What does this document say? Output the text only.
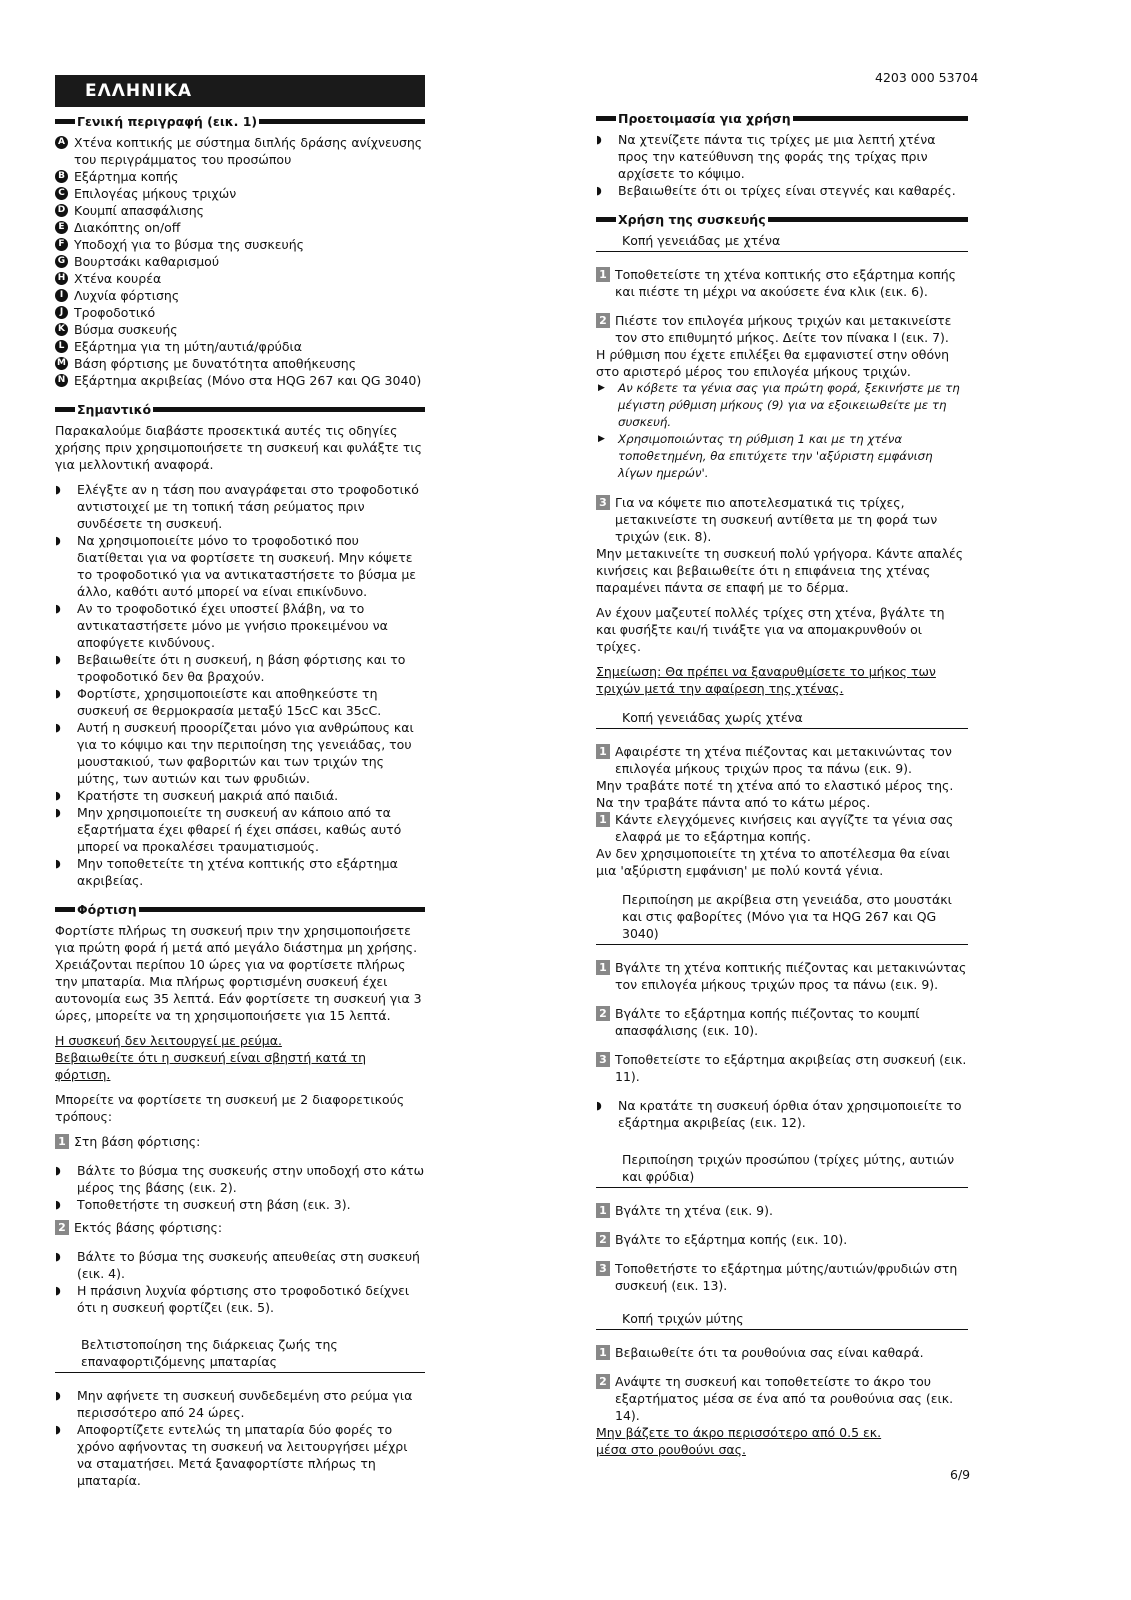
4203 000 53704
6/9
ΕΛΛΗΝΙΚΑ
Γενική περιγραφή (εικ. 1)
A Χτένα κοπτικής με σύστημα διπλής δράσης ανίχνευσης του περιγράμματος του προσώπου
B Εξάρτημα κοπής
C Επιλογέας μήκους τριχών
D Κουμπί απασφάλισης
E Διακόπτης on/off
F Υποδοχή για το βύσμα της συσκευής
G Βουρτσάκι καθαρισμού
H Χτένα κουρέα
I Λυχνία φόρτισης
J Τροφοδοτικό
K Βύσμα συσκευής
L Εξάρτημα για τη μύτη/αυτιά/φρύδια
M Βάση φόρτισης με δυνατότητα αποθήκευσης
N Εξάρτημα ακριβείας (Μόνο στα HQG 267 και QG 3040)
Σημαντικό

Παρακαλούμε διαβάστε προσεκτικά αυτές τις οδηγίες χρήσης πριν χρησιμοποιήσετε τη συσκευή και φυλάξτε τις για μελλοντική αναφορά.

◗	Ελέγξτε αν η τάση που αναγράφεται στο τροφοδοτικό αντιστοιχεί με τη τοπική τάση ρεύματος πριν συνδέσετε τη συσκευή.
◗	Να χρησιμοποιείτε μόνο το τροφοδοτικό που διατίθεται για να φορτίσετε τη συσκευή. Μην κόψετε το τροφοδοτικό για να αντικαταστήσετε το βύσμα με άλλο, καθότι αυτό μπορεί να είναι επικίνδυνο.
◗	Αν το τροφοδοτικό έχει υποστεί βλάβη, να το αντικαταστήσετε μόνο με γνήσιο προκειμένου να αποφύγετε κινδύνους.
◗	Βεβαιωθείτε ότι η συσκευή, η βάση φόρτισης και το τροφοδοτικό δεν θα βραχούν.
◗	Φορτίστε, χρησιμοποιείστε και αποθηκεύστε τη συσκευή σε θερμοκρασία μεταξύ 15cC και 35cC.
◗	Αυτή η συσκευή προορίζεται μόνο για ανθρώπους και για το κόψιμο και την περιποίηση της γενειάδας, του μουστακιού, των φαβοριτών και των τριχών της μύτης, των αυτιών και των φρυδιών.
◗	Κρατήστε τη συσκευή μακριά από παιδιά.
◗	Μην χρησιμοποιείτε τη συσκευή αν κάποιο από τα εξαρτήματα έχει φθαρεί ή έχει σπάσει, καθώς αυτό μπορεί να προκαλέσει τραυματισμούς.
◗	Μην τοποθετείτε τη χτένα κοπτικής στο εξάρτημα ακριβείας.
Φόρτιση
Φορτίστε πλήρως τη συσκευή πριν την χρησιμοποιήσετε για πρώτη φορά ή μετά από μεγάλο διάστημα μη χρήσης.

Χρειάζονται περίπου 10 ώρες για να φορτίσετε πλήρως την μπαταρία. Μια πλήρως φορτισμένη συσκευή έχει αυτονομία εως 35 λεπτά. Εάν φορτίσετε τη συσκευή για 3 ώρες, μπορείτε να τη χρησιμοποιήσετε για 15 λεπτά.

Η συσκευή δεν λειτουργεί με ρεύμα.

Βεβαιωθείτε ότι η συσκευή είναι σβηστή κατά τη φόρτιση.

Μπορείτε να φορτίσετε τη συσκευή με 2 διαφορετικούς τρόπους:

1 Στη βάση φόρτισης:
◗	Βάλτε το βύσμα της συσκευής στην υποδοχή στο κάτω μέρος της βάσης (εικ. 2).
◗	Τοποθετήστε τη συσκευή στη βάση (εικ. 3).
2 Εκτός βάσης φόρτισης:
◗	Βάλτε το βύσμα της συσκευής απευθείας στη συσκευή (εικ. 4).
◗	Η πράσινη λυχνία φόρτισης στο τροφοδοτικό δείχνει ότι η συσκευή φορτίζει (εικ. 5).
Βελτιστοποίηση της διάρκειας ζωής της επαναφορτιζόμενης μπαταρίας
◗	Μην αφήνετε τη συσκευή συνδεδεμένη στο ρεύμα για περισσότερο από 24 ώρες.
◗	Αποφορτίζετε εντελώς τη μπαταρία δύο φορές το χρόνο αφήνοντας τη συσκευή να λειτουργήσει μέχρι να σταματήσει. Μετά ξαναφορτίστε πλήρως τη μπαταρία.
Προετοιμασία για χρήση
◗	Να χτενίζετε πάντα τις τρίχες με μια λεπτή χτένα προς την κατεύθυνση της φοράς της τρίχας πριν αρχίσετε το κόψιμο.
◗	Βεβαιωθείτε ότι οι τρίχες είναι στεγνές και καθαρές.
Χρήση της συσκευής
Κοπή γενειάδας με χτένα
1 Τοποθετείστε τη χτένα κοπτικής στο εξάρτημα κοπής και πιέστε τη μέχρι να ακούσετε ένα κλικ (εικ. 6).
2 Πιέστε τον επιλογέα μήκους τριχών και μετακινείστε τον στο επιθυμητό μήκος. Δείτε τον πίνακα I (εικ. 7).
Η ρύθμιση που έχετε επιλέξει θα εμφανιστεί στην οθόνη στο αριστερό μέρος του επιλογέα μήκους τριχών.
▶	Αν κόβετε τα γένια σας για πρώτη φορά, ξεκινήστε με τη μέγιστη ρύθμιση μήκους (9) για να εξοικειωθείτε με τη συσκευή.
▶	Χρησιμοποιώντας τη ρύθμιση 1 και με τη χτένα τοποθετημένη, θα επιτύχετε την 'αξύριστη εμφάνιση λίγων ημερών'.
3 Για να κόψετε πιο αποτελεσματικά τις τρίχες, μετακινείστε τη συσκευή αντίθετα με τη φορά των τριχών (εικ. 8).

Μην μετακινείτε τη συσκευή πολύ γρήγορα. Κάντε απαλές κινήσεις και βεβαιωθείτε ότι η επιφάνεια της χτένας παραμένει πάντα σε επαφή με το δέρμα.

Αν έχουν μαζευτεί πολλές τρίχες στη χτένα, βγάλτε τη και φυσήξτε και/ή τινάξτε για να απομακρυνθούν οι τρίχες.

Σημείωση: Θα πρέπει να ξαναρυθμίσετε το μήκος των τριχών μετά την αφαίρεση της χτένας.

Κοπή γενειάδας χωρίς χτένα
1 Αφαιρέστε τη χτένα πιέζοντας και μετακινώντας τον επιλογέα μήκους τριχών προς τα πάνω (εικ. 9).
Μην τραβάτε ποτέ τη χτένα από το ελαστικό μέρος της.
Να την τραβάτε πάντα από το κάτω μέρος.
1 Κάντε ελεγχόμενες κινήσεις και αγγίζτε τα γένια σας ελαφρά με το εξάρτημα κοπής.

Αν δεν χρησιμοποιείτε τη χτένα το αποτέλεσμα θα είναι μια 'αξύριστη εμφάνιση' με πολύ κοντά γένια.

Περιποίηση με ακρίβεια στη γενειάδα, στο μουστάκι και στις φαβορίτες (Μόνο για τα HQG 267 και QG 3040)
1 Βγάλτε τη χτένα κοπτικής πιέζοντας και μετακινώντας τον επιλογέα μήκους τριχών προς τα πάνω (εικ. 9).
2 Βγάλτε το εξάρτημα κοπής πιέζοντας το κουμπί απασφάλισης (εικ. 10).
3 Τοποθετείστε το εξάρτημα ακριβείας στη συσκευή (εικ. 11).
◗	Να κρατάτε τη συσκευή όρθια όταν χρησιμοποιείτε το εξάρτημα ακριβείας (εικ. 12).
Περιποίηση τριχών προσώπου (τρίχες μύτης, αυτιών και φρύδια)
1 Βγάλτε τη χτένα (εικ. 9).
2 Βγάλτε το εξάρτημα κοπής (εικ. 10).
3 Τοποθετήστε το εξάρτημα μύτης/αυτιών/φρυδιών στη συσκευή (εικ. 13).
Κοπή τριχών μύτης
1 Βεβαιωθείτε ότι τα ρουθούνια σας είναι καθαρά.
2 Ανάψτε τη συσκευή και τοποθετείστε το άκρο του εξαρτήματος μέσα σε ένα από τα ρουθούνια σας (εικ. 14).
Μην βάζετε το άκρο περισσότερο από 0.5 εκ.
μέσα στο ρουθούνι σας.
